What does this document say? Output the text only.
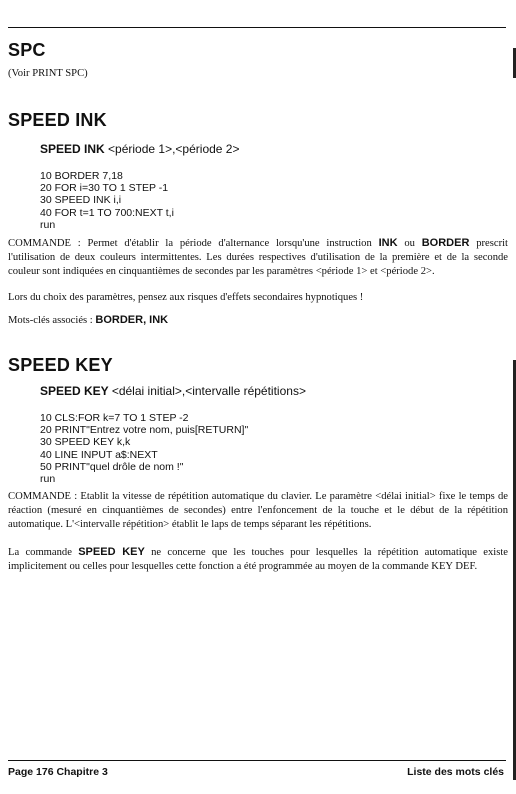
SPC

(Voir PRINT SPC)

SPEED INK

SPEED INK <période 1>,<période 2>

10 BORDER 7,18
20 FOR i=30 TO 1 STEP -1
30 SPEED INK i,i
40 FOR t=1 TO 700:NEXT t,i
run

COMMANDE : Permet d'établir la période d'alternance lorsqu'une instruction INK ou BORDER prescrit l'utilisation de deux couleurs intermittentes. Les durées respectives d'utilisation de la première et de la seconde couleur sont indiquées en cinquantièmes de secondes par les paramètres <période 1> et <période 2>.

Lors du choix des paramètres, pensez aux risques d'effets secondaires hypnotiques !

Mots-clés associés : BORDER, INK

SPEED KEY

SPEED KEY <délai initial>,<intervalle répétitions>

10 CLS:FOR k=7 TO 1 STEP -2
20 PRINT"Entrez votre nom, puis[RETURN]"
30 SPEED KEY k,k
40 LINE INPUT a$:NEXT
50 PRINT"quel drôle de nom !"
run

COMMANDE : Etablit la vitesse de répétition automatique du clavier. Le paramètre <délai initial> fixe le temps de réaction (mesuré en cinquantièmes de secondes) entre l'enfoncement de la touche et le début de la répétition automatique. L'<intervalle répétition> établit le laps de temps séparant les répétitions.

La commande SPEED KEY ne concerne que les touches pour lesquelles la répétition automatique existe implicitement ou celles pour lesquelles cette fonction a été programmée au moyen de la commande KEY DEF.

Page 176 Chapitre 3	Liste des mots clés
